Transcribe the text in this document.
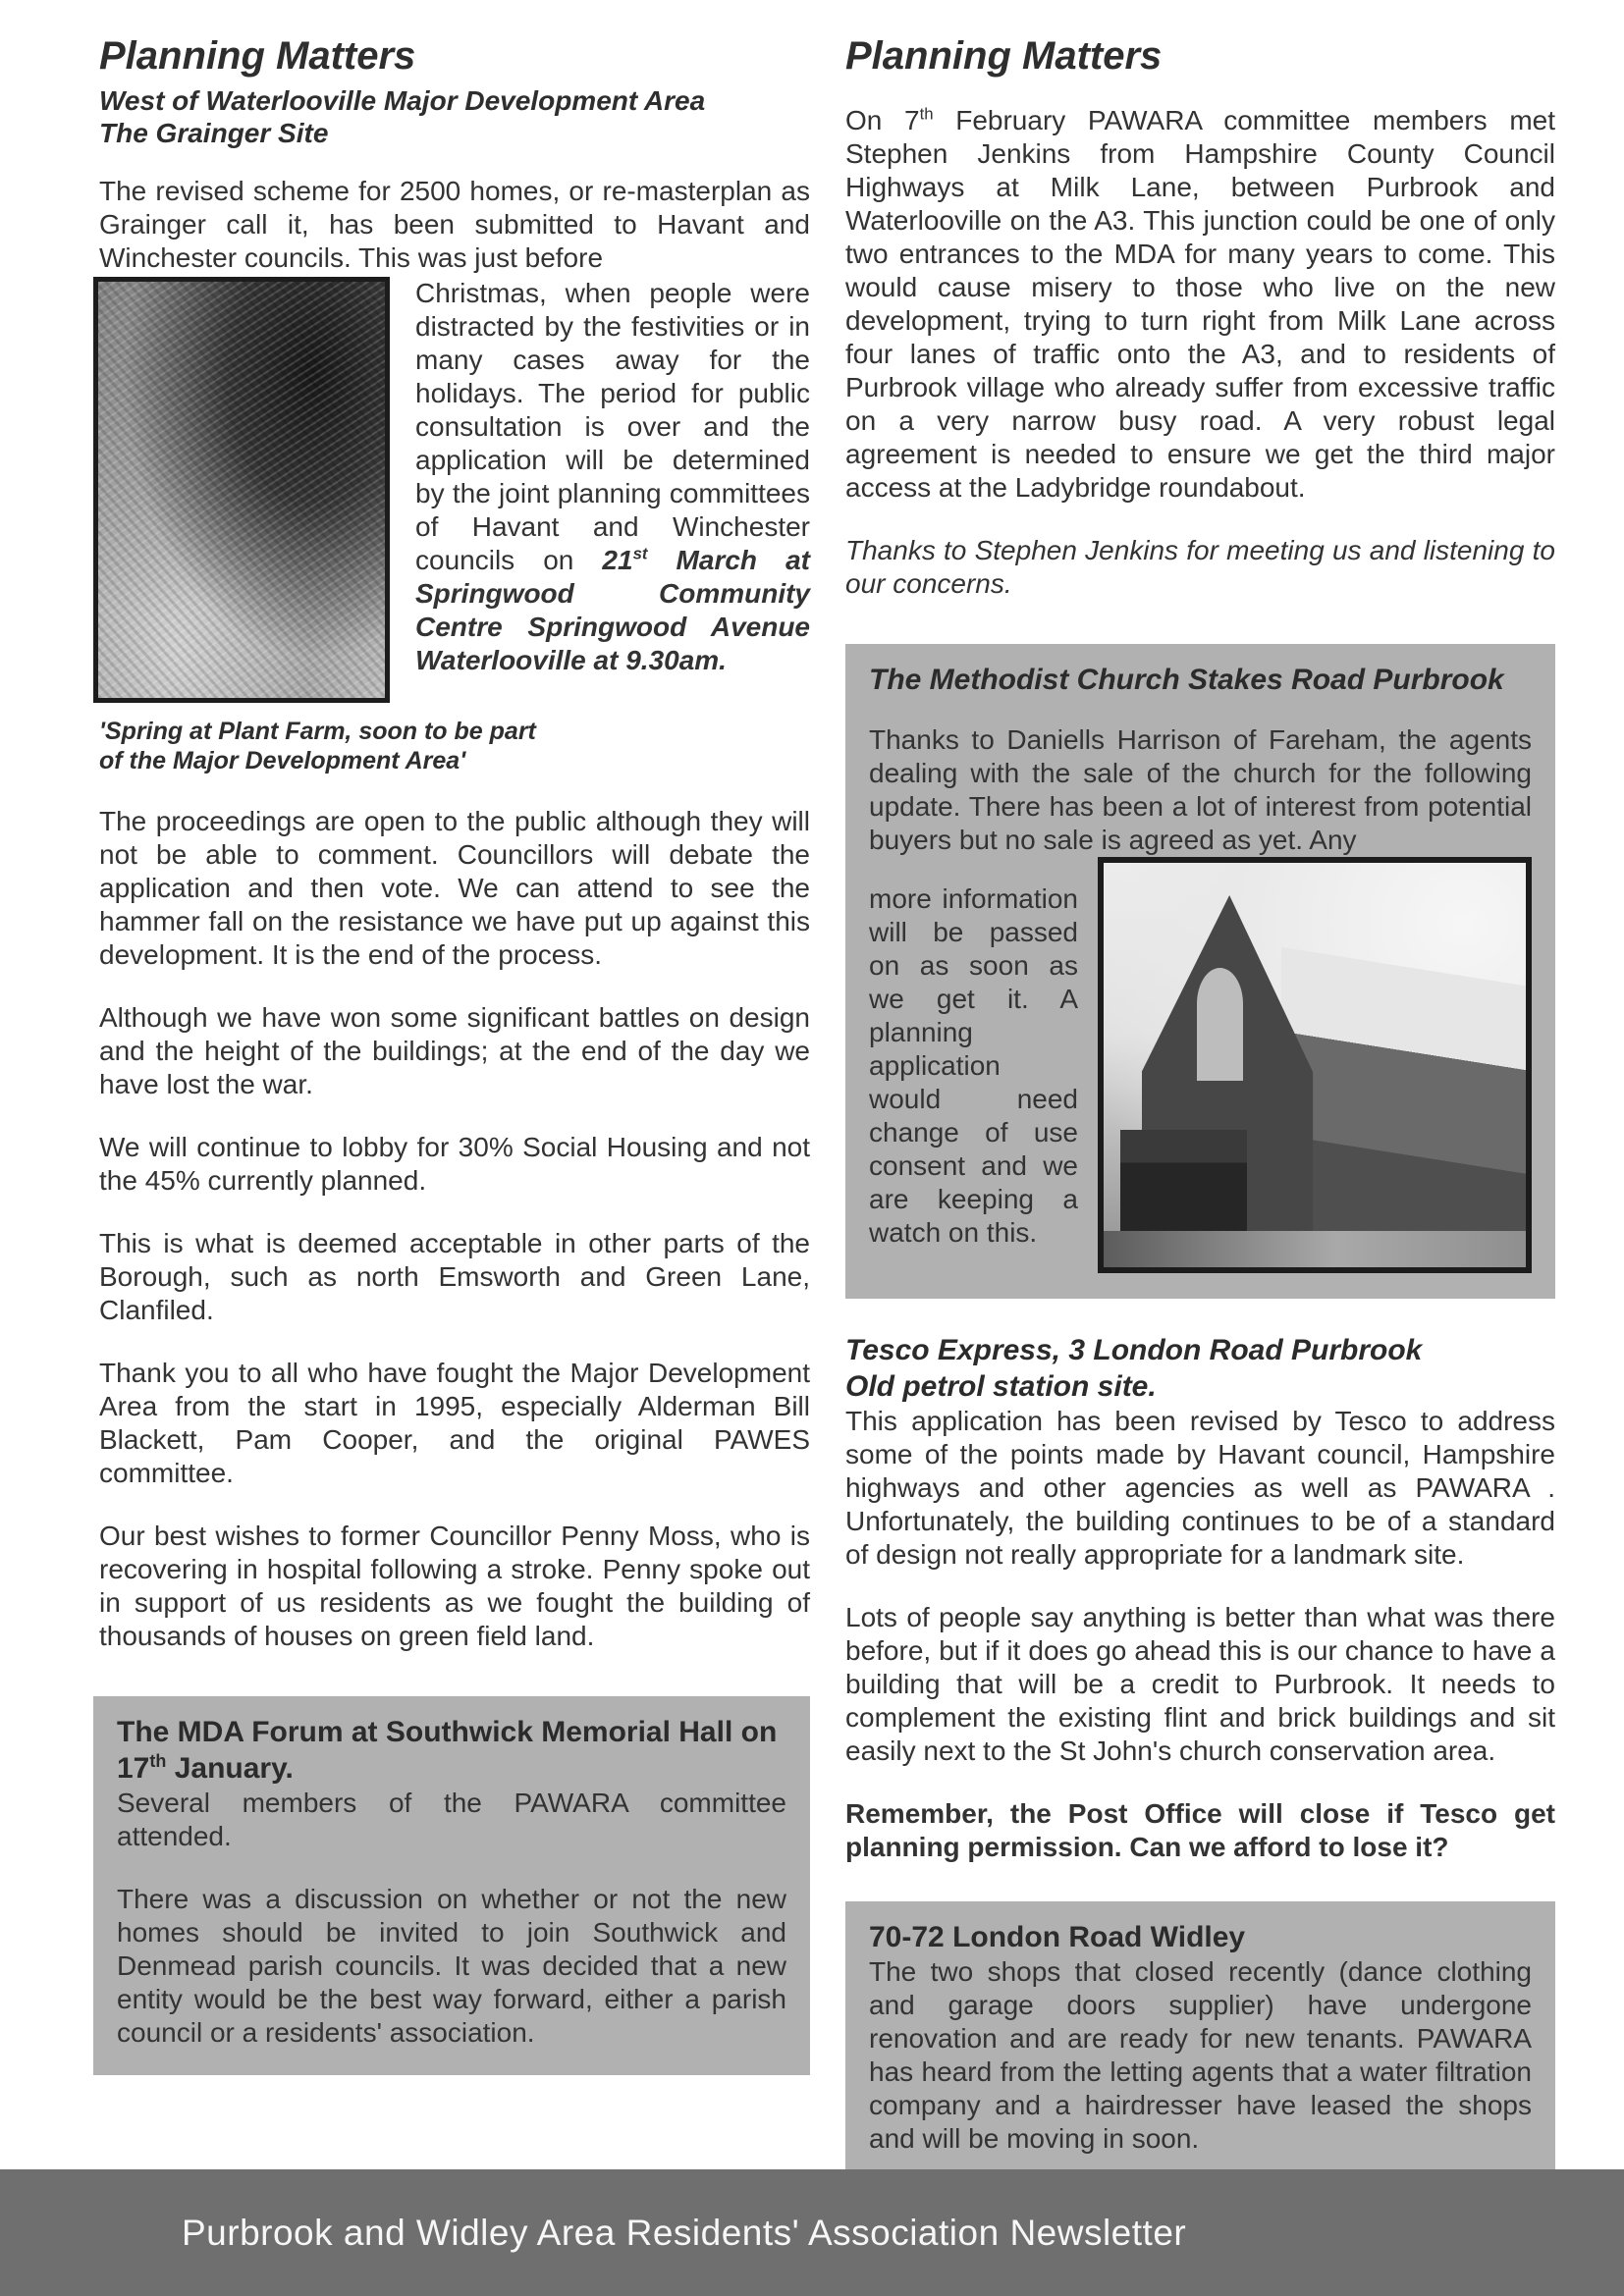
Planning Matters
West of Waterlooville Major Development Area
The Grainger Site

The revised scheme for 2500 homes, or re-masterplan as Grainger call it, has been submitted to Havant and Winchester councils. This was just before

Christmas, when people were distracted by the festivities or in many cases away for the holidays. The period for public consultation is over and the application will be determined by the joint planning committees of Havant and Winchester councils on 21st March at Springwood Community Centre Springwood Avenue Waterlooville at 9.30am.

'Spring at Plant Farm, soon to be part
of the Major Development Area'

The proceedings are open to the public although they will not be able to comment. Councillors will debate the application and then vote. We can attend to see the hammer fall on the resistance we have put up against this development. It is the end of the process.

Although we have won some significant battles on design and the height of the buildings; at the end of the day we have lost the war.

We will continue to lobby for 30% Social Housing and not the 45% currently planned.

This is what is deemed acceptable in other parts of the Borough, such as north Emsworth and Green Lane, Clanfiled.

Thank you to all who have fought the Major Development Area from the start in 1995, especially Alderman Bill Blackett, Pam Cooper, and the original PAWES committee.

Our best wishes to former Councillor Penny Moss, who is recovering in hospital following a stroke. Penny spoke out in support of us residents as we fought the building of thousands of houses on green field land.

The MDA Forum at Southwick Memorial Hall on 17th January.

Several members of the PAWARA committee attended.

There was a discussion on whether or not the new homes should be invited to join Southwick and Denmead parish councils. It was decided that a new entity would be the best way forward, either a parish council or a residents' association.

Planning Matters

On 7th February PAWARA committee members met Stephen Jenkins from Hampshire County Council Highways at Milk Lane, between Purbrook and Waterlooville on the A3. This junction could be one of only two entrances to the MDA for many years to come. This would cause misery to those who live on the new development, trying to turn right from Milk Lane across four lanes of traffic onto the A3, and to residents of Purbrook village who already suffer from excessive traffic on a very narrow busy road. A very robust legal agreement is needed to ensure we get the third major access at the Ladybridge roundabout.

Thanks to Stephen Jenkins for meeting us and listening to our concerns.

The Methodist Church Stakes Road Purbrook

Thanks to Daniells Harrison of Fareham, the agents dealing with the sale of the church for the following update. There has been a lot of interest from potential buyers but no sale is agreed as yet. Any

more information will be passed on as soon as we get it. A planning application would need change of use consent and we are keeping a watch on this.

Tesco Express, 3 London Road Purbrook
Old petrol station site.

This application has been revised by Tesco to address some of the points made by Havant council, Hampshire highways and other agencies as well as PAWARA . Unfortunately, the building continues to be of a standard of design not really appropriate for a landmark site.

Lots of people say anything is better than what was there before, but if it does go ahead this is our chance to have a building that will be a credit to Purbrook. It needs to complement the existing flint and brick buildings and sit easily next to the St John's church conservation area.

Remember, the Post Office will close if Tesco get planning permission. Can we afford to lose it?

70-72 London Road Widley

The two shops that closed recently (dance clothing and garage doors supplier) have undergone renovation and are ready for new tenants. PAWARA has heard from the letting agents that a water filtration company and a hairdresser have leased the shops and will be moving in soon.

Purbrook and Widley Area Residents' Association Newsletter
